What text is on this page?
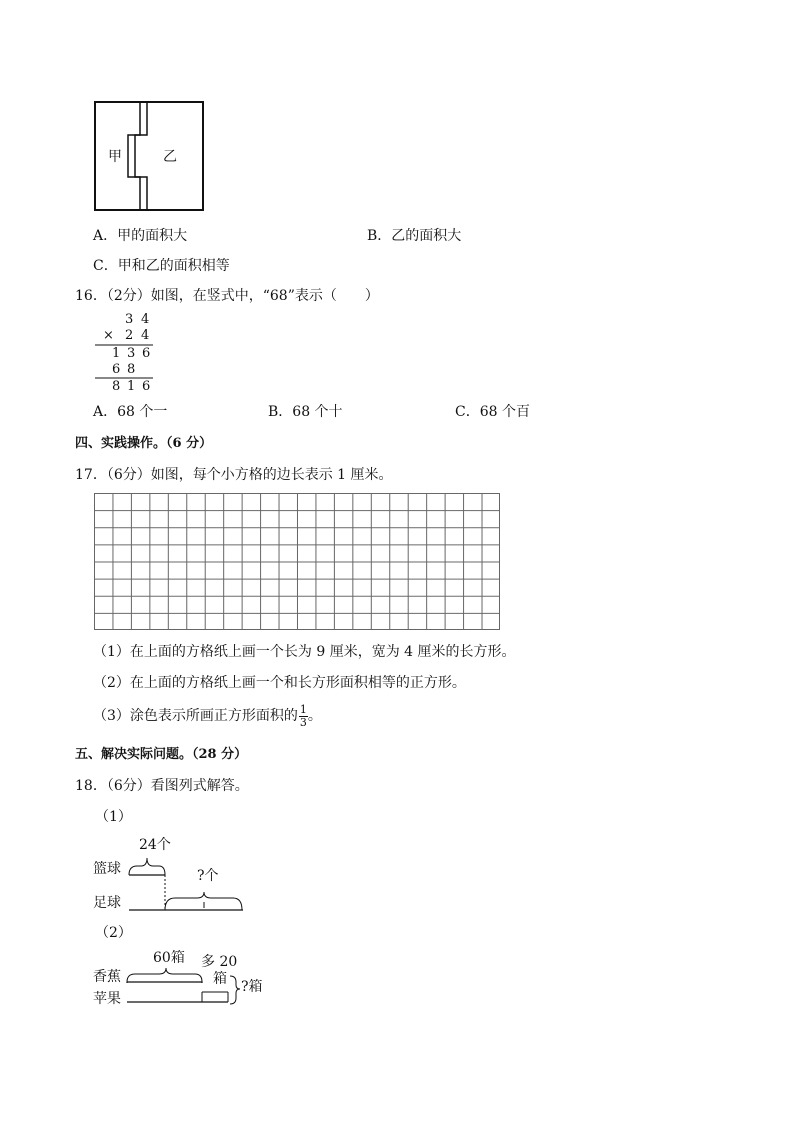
甲	乙
A．甲的面积大	B．乙的面积大
C．甲和乙的面积相等
16．（2分）如图，在竖式中，“68”表示（　　）
3 4
× 2 4
1 3 6
6 8
8 1 6
A．68 个一	B．68 个十	C．68 个百
四、实践操作。（6 分）
17．（6分）如图，每个小方格的边长表示 1 厘米。
（1）在上面的方格纸上画一个长为 9 厘米，宽为 4 厘米的长方形。
（2）在上面的方格纸上画一个和长方形面积相等的正方形。
（3）涂色表示所画正方形面积的 $\frac{1}{3}$ 。
五、解决实际问题。（28 分）
18．（6分）看图列式解答。
（1）
24个
篮球	?个
足球
（2）
60箱 多 20
箱
香蕉
苹果
?箱
